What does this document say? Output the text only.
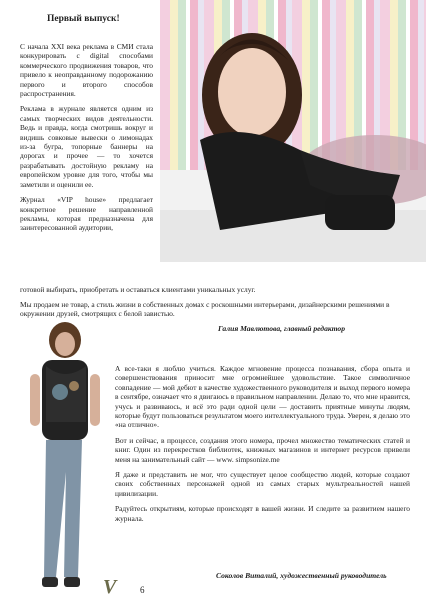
Первый выпуск!

С начала XXI века реклама в СМИ стала конкурировать с digital способами коммерческого продвижения товаров, что привело к неоправданному подорожанию первого и второго способов распространения.

Реклама в журнале является одним из самых творческих видов деятельности. Ведь и правда, когда смотришь вокруг и видишь совковые вывески о лимонадах из-за бугра, топорные баннеры на дорогах и прочее — то хочется разрабатывать достойную рекламу на европейском уровне для того, чтобы мы заметили и оценили ее.

Журнал «VIP house» предлагает конкретное решение направленной рекламы, которая предназначена для заинтересованной аудитории,

готовой выбирать, приобретать и оставаться клиентами уникальных услуг.
Мы продаем не товар, а стиль жизни в собственных домах с роскошными интерьерами, дизайнерскими решениями в окружении друзей, смотрящих с белой завистью.
Галия Мавлютова, главный редактор

А все-таки я люблю учиться. Каждое мгновение процесса познавания, сбора опыта и совершенствования приносит мне огромнейшее удовольствие. Такое символичное совпадение — мой дебют в качестве художественного руководителя и выход первого номера в сентябре, означает что я двигаюсь в правильном направлении. Делаю то, что мне нравится, учусь и развиваюсь, и всё это ради одной цели — доставить приятные минуты людям, которые будут пользоваться результатом моего интеллектуального труда. Уверен, я делаю это «на отлично».

Вот и сейчас, в процессе, создания этого номера, прочел множество тематических статей и книг. Один из перекрестков библиотек, книжных магазинов и интернет ресурсов привели меня на занимательный сайт — www. simpsonize.me

Я даже и представить не мог, что существует целое сообщество людей, которые создают своих собственных персонажей одной из самых старых мультреальностей нашей цивилизации.

Радуйтесь открытиям, которые происходят в вашей жизни. И следите за развитием нашего журнала.

Соколов Виталий, художественный руководитель
V	6
